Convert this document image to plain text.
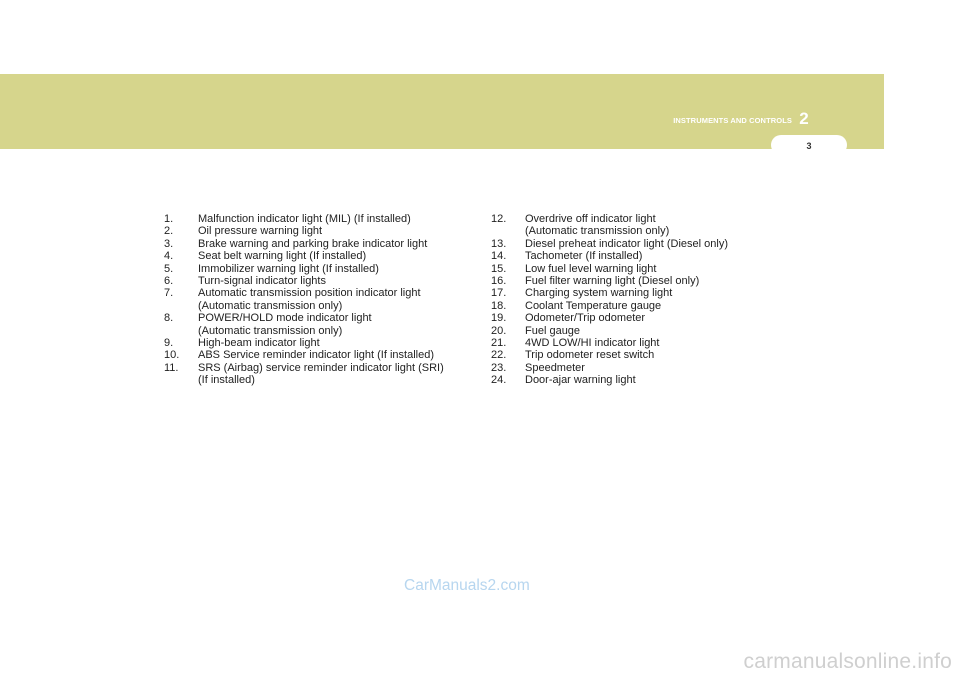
INSTRUMENTS AND CONTROLS 2
3
1. Malfunction indicator light (MIL) (If installed)
2. Oil pressure warning light
3. Brake warning and parking brake indicator light
4. Seat belt warning light (If installed)
5. Immobilizer warning light (If installed)
6. Turn-signal indicator lights
7. Automatic transmission position indicator light
(Automatic transmission only)
8. POWER/HOLD mode indicator light
(Automatic transmission only)
9. High-beam indicator light
10. ABS Service reminder indicator light (If installed)
11. SRS (Airbag) service reminder indicator light (SRI)
(If installed)
12. Overdrive off indicator light
(Automatic transmission only)
13. Diesel preheat indicator light (Diesel only)
14. Tachometer (If installed)
15. Low fuel level warning light
16. Fuel filter warning light (Diesel only)
17. Charging system warning light
18. Coolant Temperature gauge
19. Odometer/Trip odometer
20. Fuel gauge
21. 4WD LOW/HI indicator light
22. Trip odometer reset switch
23. Speedmeter
24. Door-ajar warning light
CarManuals2.com
carmanualsonline.info
